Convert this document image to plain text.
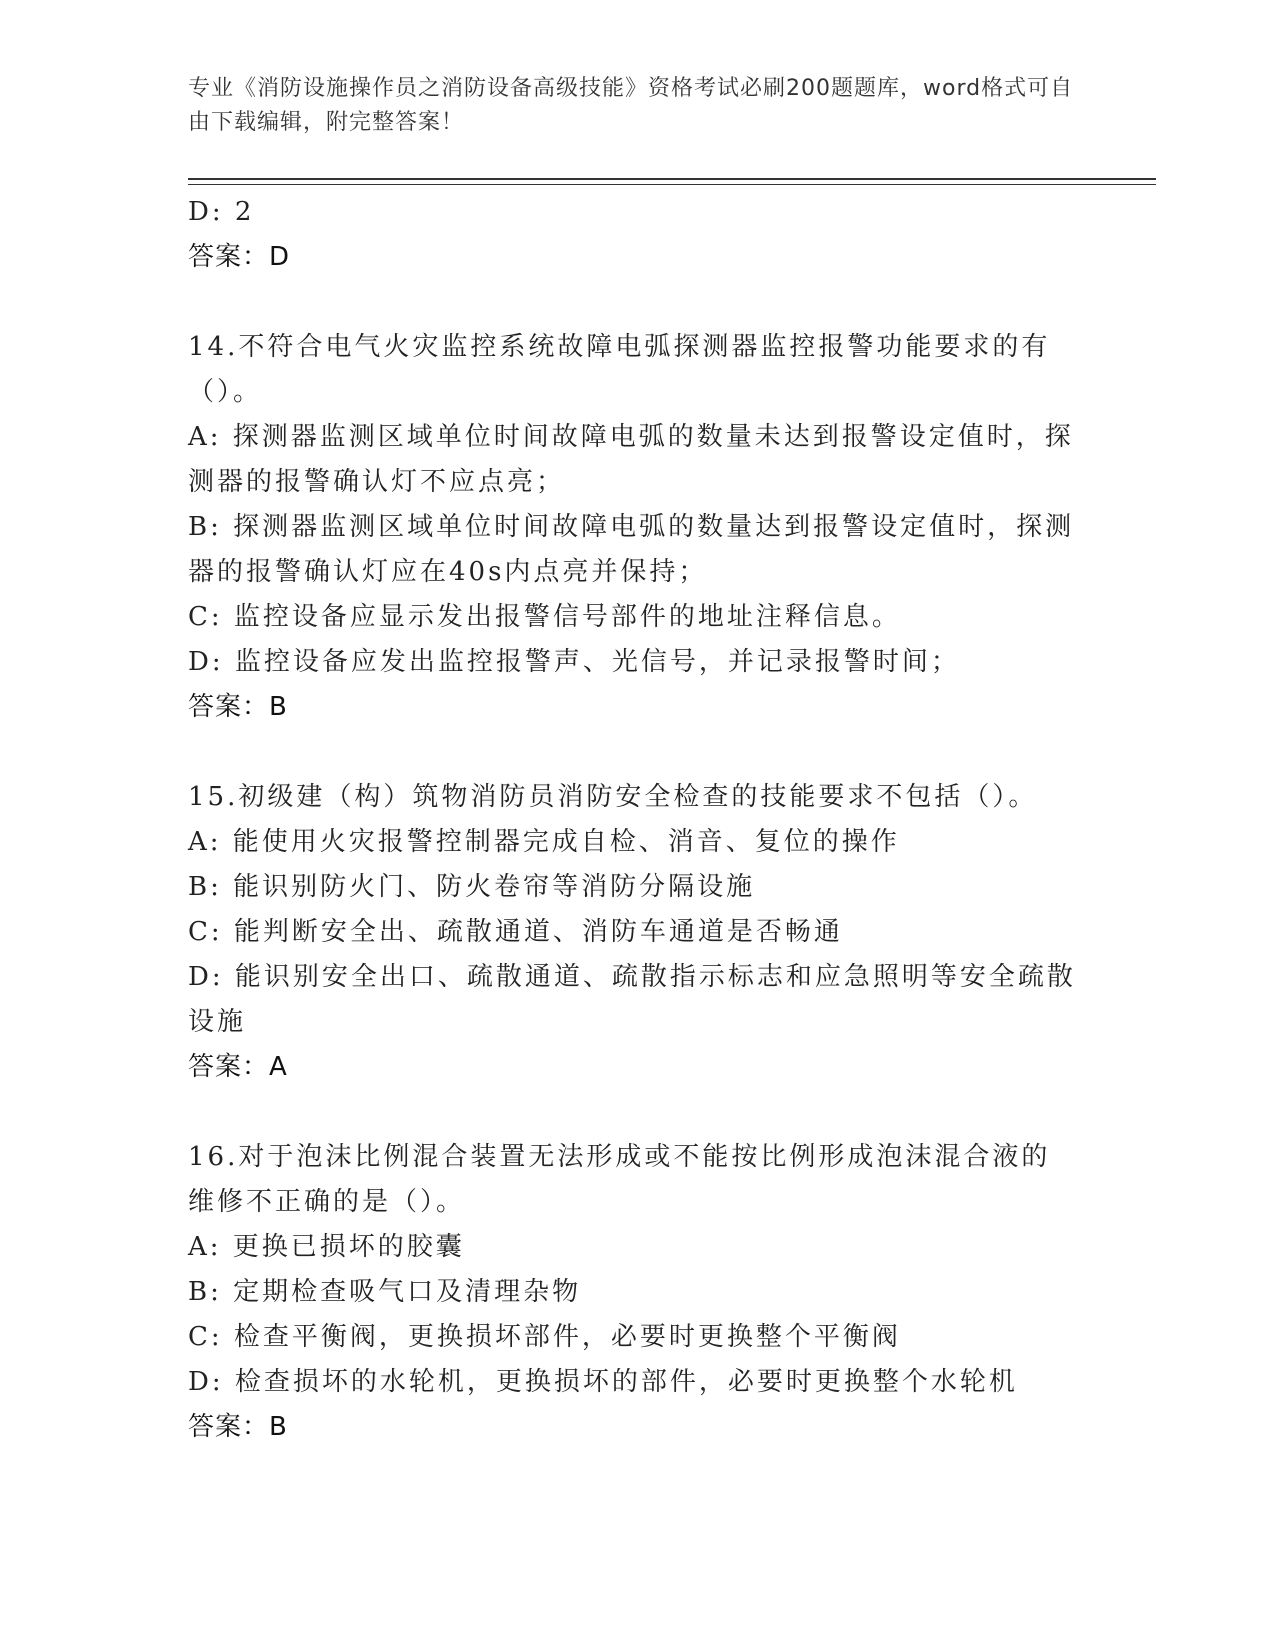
专业《消防设施操作员之消防设备高级技能》资格考试必刷200题题库，word格式可自由下载编辑，附完整答案！

D: 2

答案：D

14.不符合电气火灾监控系统故障电弧探测器监控报警功能要求的有（）。

A: 探测器监测区域单位时间故障电弧的数量未达到报警设定值时，探测器的报警确认灯不应点亮；

B: 探测器监测区域单位时间故障电弧的数量达到报警设定值时，探测器的报警确认灯应在40s内点亮并保持；

C: 监控设备应显示发出报警信号部件的地址注释信息。

D: 监控设备应发出监控报警声、光信号，并记录报警时间；

答案：B

15.初级建（构）筑物消防员消防安全检查的技能要求不包括（）。

A: 能使用火灾报警控制器完成自检、消音、复位的操作

B: 能识别防火门、防火卷帘等消防分隔设施

C: 能判断安全出、疏散通道、消防车通道是否畅通

D: 能识别安全出口、疏散通道、疏散指示标志和应急照明等安全疏散设施

答案：A

16.对于泡沫比例混合装置无法形成或不能按比例形成泡沫混合液的维修不正确的是（）。

A: 更换已损坏的胶囊

B: 定期检查吸气口及清理杂物

C: 检查平衡阀，更换损坏部件，必要时更换整个平衡阀

D: 检查损坏的水轮机，更换损坏的部件，必要时更换整个水轮机

答案：B
